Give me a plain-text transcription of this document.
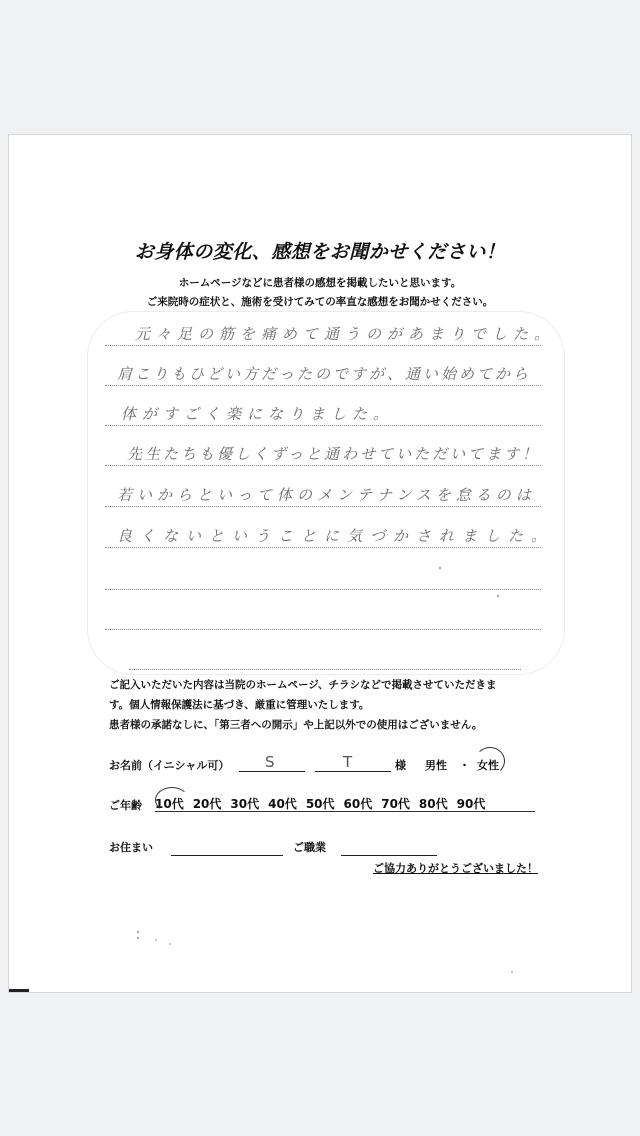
お身体の変化、感想をお聞かせください！
ホームページなどに患者様の感想を掲載したいと思います。
ご来院時の症状と、施術を受けてみての率直な感想をお聞かせください。
元々足の筋を痛めて通うのがあまりでした。
肩こりもひどい方だったのですが、通い始めてから
体がすごく楽になりました。
先生たちも優しくずっと通わせていただいてます！
若いからといって体のメンテナンスを怠るのは
良くないということに気づかされました。
ご記入いただいた内容は当院のホームページ、チラシなどで掲載させていただきま
す。個人情報保護法に基づき、厳重に管理いたします。
患者様の承諾なしに、「第三者への開示」や上記以外での使用はございません。
お名前（イニシャル可） S	T	様 男性 ・ 女性
ご年齢 10代 20代 30代 40代 50代 60代 70代 80代 90代
お住まい	ご職業
ご協力ありがとうございました！
